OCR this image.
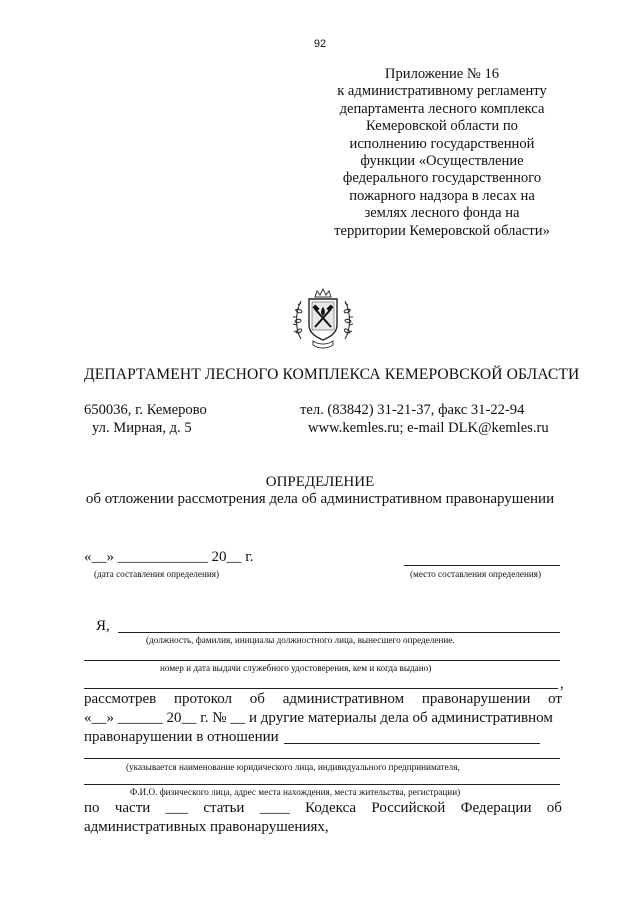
92
Приложение № 16
к административному регламенту
департамента лесного комплекса
Кемеровской области по
исполнению государственной
функции «Осуществление
федерального государственного
пожарного надзора в лесах на
землях лесного фонда на
территории Кемеровской области»
ДЕПАРТАМЕНТ ЛЕСНОГО КОМПЛЕКСА КЕМЕРОВСКОЙ ОБЛАСТИ
650036, г. Кемерово
ул. Мирная, д. 5
тел. (83842) 31-21-37, факс 31-22-94
www.kemles.ru; e-mail DLK@kemles.ru
ОПРЕДЕЛЕНИЕ
об отложении рассмотрения дела об административном правонарушении
«__» ____________ 20__ г.
(дата составления определения)	(место составления определения)
Я,
(должность, фамилия, инициалы должностного лица, вынесшего определение.
номер и дата выдачи служебного удостоверения, кем и когда выдано)
,
рассмотрев протокол об административном правонарушении от
«__» ______ 20__ г. № __ и другие материалы дела об административном
правонарушении в отношении
(указывается наименование юридического лица, индивидуального предпринимателя,
Ф.И.О. физического лица, адрес места нахождения, места жительства, регистрации)
по части ___ статьи ____ Кодекса Российской Федерации об
административных правонарушениях,
